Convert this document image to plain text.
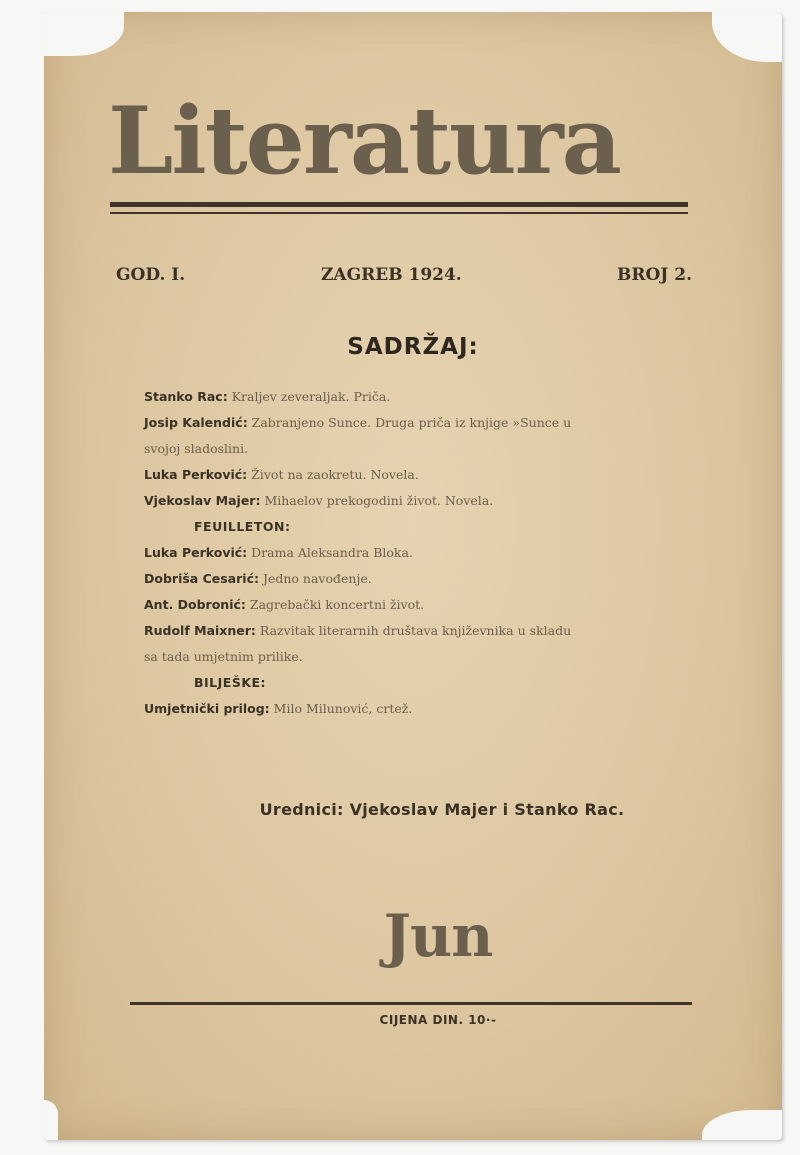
Literatura
GOD. I.	ZAGREB 1924.	BROJ 2.
SADRŽAJ:

Stanko Rac: Kraljev zeveraljak. Priča.

Josip Kalendić: Zabranjeno Sunce. Druga priča iz knjige »Sunce u

svojoj sladoslini.

Luka Perković: Život na zaokretu. Novela.

Vjekoslav Majer: Mihaelov prekogodini život. Novela.

FEUILLETON:

Luka Perković: Drama Aleksandra Bloka.

Dobriša Cesarić: Jedno navođenje.

Ant. Dobronić: Zagrebački koncertni život.

Rudolf Maixner: Razvitak literarnih društava književnika u skladu

sa tada umjetnim prilike.

BILJEŠKE:

Umjetnički prilog: Milo Milunović, crtež.

Urednici: Vjekoslav Majer i Stanko Rac.
Jun
CIJENA DIN. 10·-
